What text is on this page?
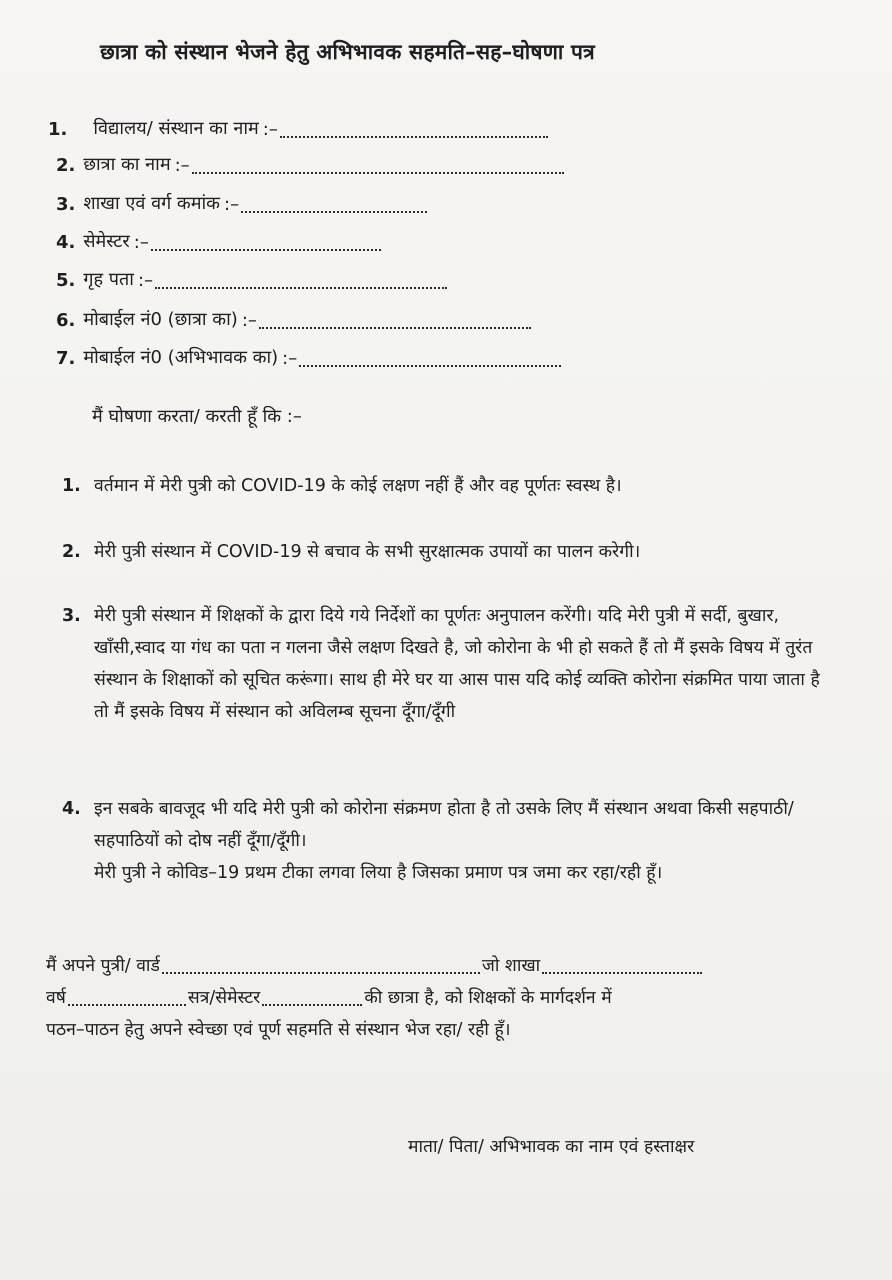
छात्रा को संस्थान भेजने हेतु अभिभावक सहमति–सह–घोषणा पत्र
1. विद्यालय/ संस्थान का नाम :–
2. छात्रा का नाम :–
3. शाखा एवं वर्ग कमांक :–
4. सेमेस्टर :–
5. गृह पता :–
6. मोबाईल नं0 (छात्रा का) :–
7. मोबाईल नं0 (अभिभावक का) :–
मैं घोषणा करता/ करती हूँ कि :–
1. वर्तमान में मेरी पुत्री को COVID-19 के कोई लक्षण नहीं हैं और वह पूर्णतः स्वस्थ है।
2. मेरी पुत्री संस्थान में COVID-19 से बचाव के सभी सुरक्षात्मक उपायों का पालन करेगी।
3. मेरी पुत्री संस्थान में शिक्षकों के द्वारा दिये गये निर्देशों का पूर्णतः अनुपालन करेंगी। यदि मेरी पुत्री में सर्दी, बुखार, खाँसी,स्वाद या गंध का पता न गलना जैसे लक्षण दिखते है, जो कोरोना के भी हो सकते हैं तो मैं इसके विषय में तुरंत संस्थान के शिक्षाकों को सूचित करूंगा। साथ ही मेरे घर या आस पास यदि कोई व्यक्ति कोरोना संक्रमित पाया जाता है तो मैं इसके विषय में संस्थान को अविलम्ब सूचना दूँगा/दूँगी
4. इन सबके बावजूद भी यदि मेरी पुत्री को कोरोना संक्रमण होता है तो उसके लिए मैं संस्थान अथवा किसी सहपाठी/सहपाठियों को दोष नहीं दूँगा/दूँगी।
मेरी पुत्री ने कोविड–19 प्रथम टीका लगवा लिया है जिसका प्रमाण पत्र जमा कर रहा/रही हूँ।
मैं अपने पुत्री/ वार्ड	जो शाखा
वर्ष	सत्र/सेमेस्टर	की छात्रा है, को शिक्षकों के मार्गदर्शन में
पठन–पाठन हेतु अपने स्वेच्छा एवं पूर्ण सहमति से संस्थान भेज रहा/ रही हूँ।
माता/ पिता/ अभिभावक का नाम एवं हस्ताक्षर
